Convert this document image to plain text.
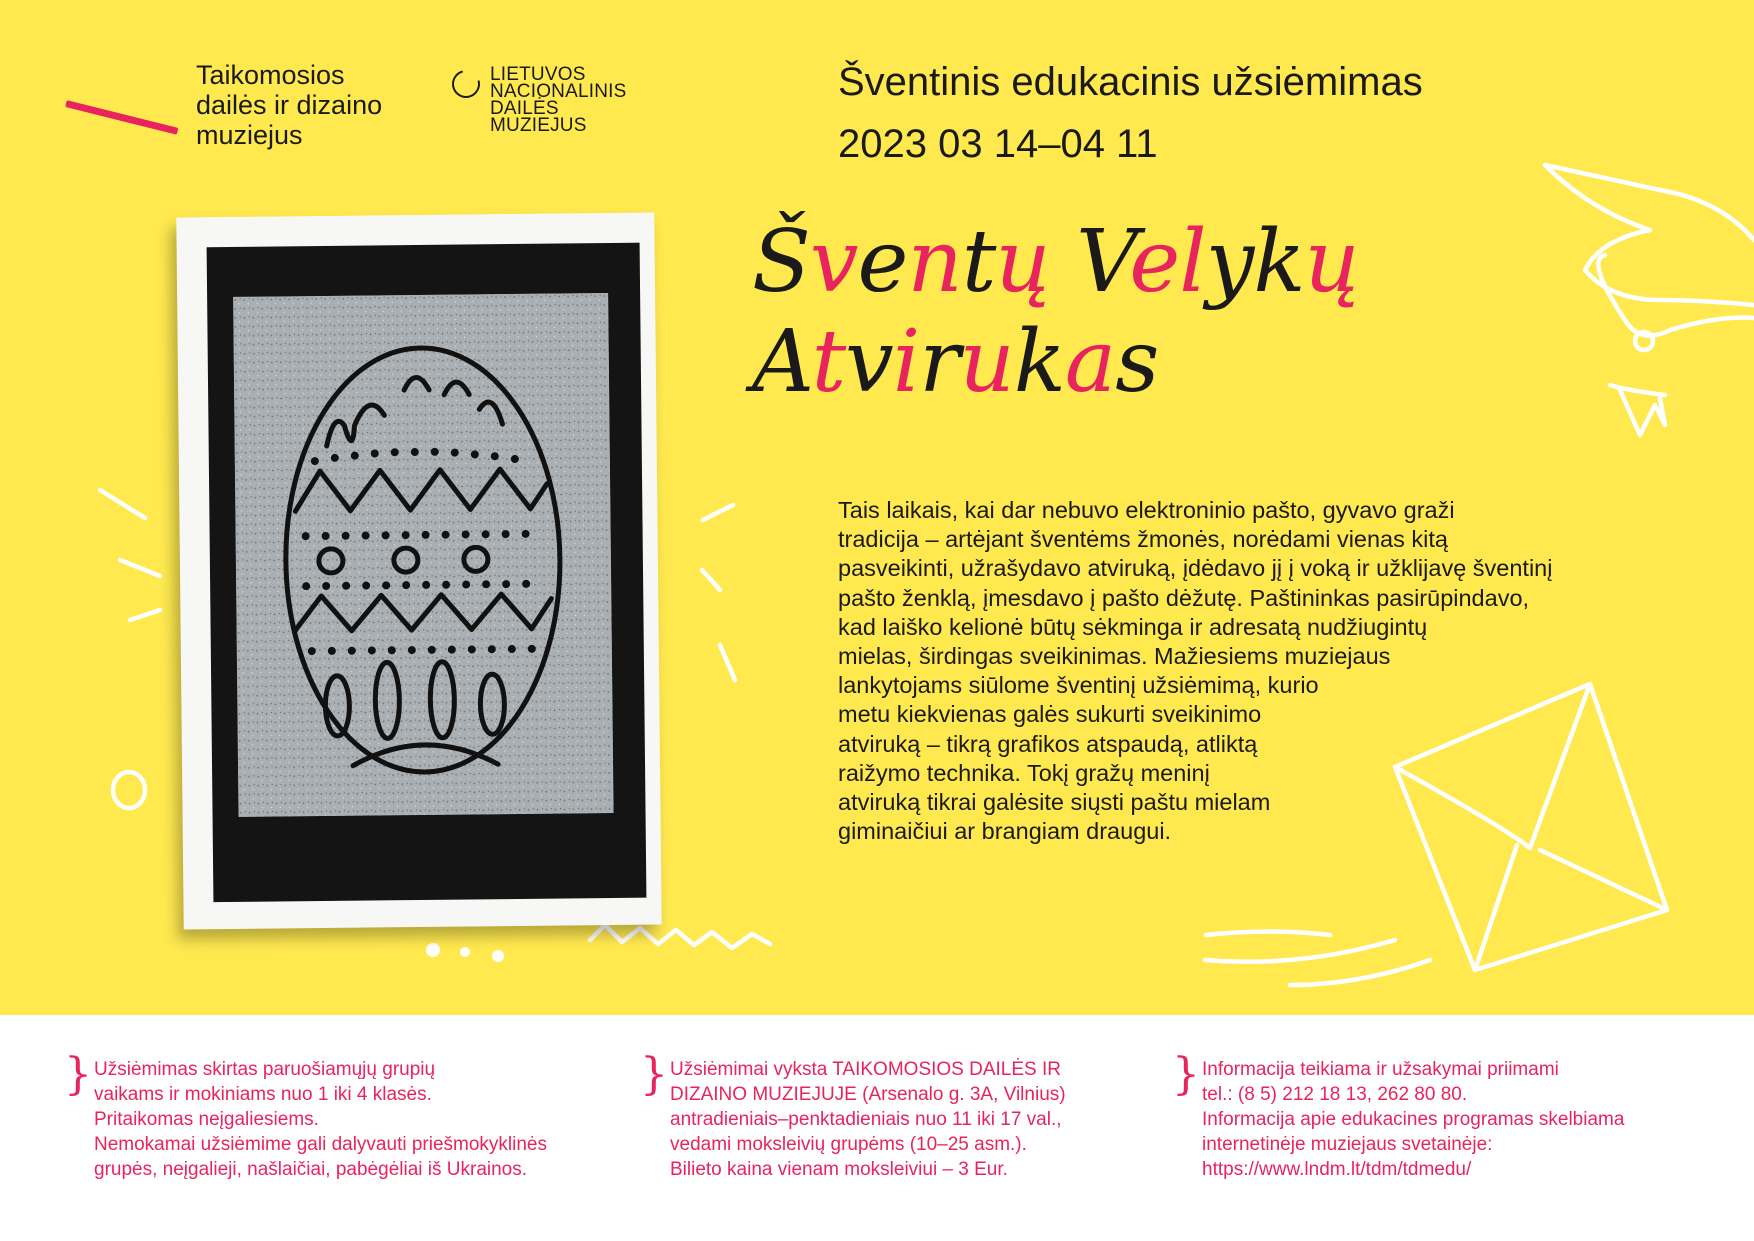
Taikomosios
dailės ir dizaino
muziejus
LIETUVOS
NACIONALINIS
DAILĖS
MUZIEJUS
Šventinis edukacinis užsiėmimas
2023 03 14–04 11
Šventų Velykų
Atvirukas
Tais laikais, kai dar nebuvo elektroninio pašto, gyvavo graži
tradicija – artėjant šventėms žmonės, norėdami vienas kitą
pasveikinti, užrašydavo atviruką, įdėdavo jį į voką ir užklijavę šventinį
pašto ženklą, įmesdavo į pašto dėžutę. Paštininkas pasirūpindavo,
kad laiško kelionė būtų sėkminga ir adresatą nudžiugintų
mielas, širdingas sveikinimas. Mažiesiems muziejaus
lankytojams siūlome šventinį užsiėmimą, kurio
metu kiekvienas galės sukurti sveikinimo
atviruką – tikrą grafikos atspaudą, atliktą
raižymo technika. Tokį gražų meninį
atviruką tikrai galėsite siųsti paštu mielam
giminaičiui ar brangiam draugui.
} Užsiėmimas skirtas paruošiamųjų grupių
vaikams ir mokiniams nuo 1 iki 4 klasės.
Pritaikomas neįgaliesiems.
Nemokamai užsiėmime gali dalyvauti priešmokyklinės
grupės, neįgalieji, našlaičiai, pabėgėliai iš Ukrainos.
} Užsiėmimai vyksta TAIKOMOSIOS DAILĖS IR
DIZAINO MUZIEJUJE (Arsenalo g. 3A, Vilnius)
antradieniais–penktadieniais nuo 11 iki 17 val.,
vedami moksleivių grupėms (10–25 asm.).
Bilieto kaina vienam moksleiviui – 3 Eur.
} Informacija teikiama ir užsakymai priimami
tel.: (8 5) 212 18 13, 262 80 80.
Informacija apie edukacines programas skelbiama
internetinėje muziejaus svetainėje:
https://www.lndm.lt/tdm/tdmedu/
